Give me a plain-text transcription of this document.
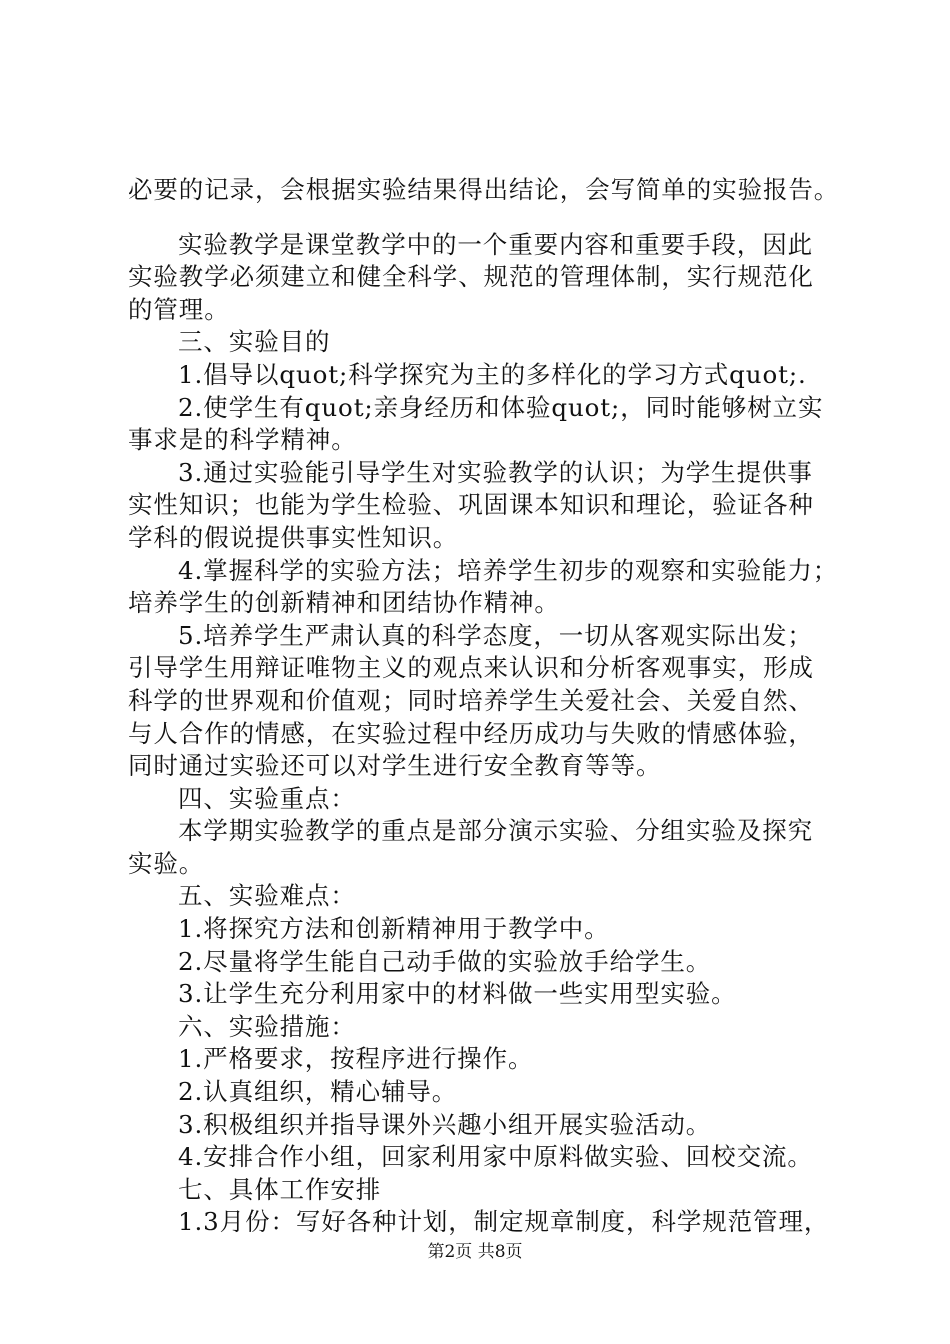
必要的记录，会根据实验结果得出结论，会写简单的实验报告。
实验教学是课堂教学中的一个重要内容和重要手段，因此
实验教学必须建立和健全科学、规范的管理体制，实行规范化
的管理。
三、实验目的
1.倡导以quot;科学探究为主的多样化的学习方式quot;.
2.使学生有quot;亲身经历和体验quot;，同时能够树立实
事求是的科学精神。
3.通过实验能引导学生对实验教学的认识；为学生提供事
实性知识；也能为学生检验、巩固课本知识和理论，验证各种
学科的假说提供事实性知识。
4.掌握科学的实验方法；培养学生初步的观察和实验能力；
培养学生的创新精神和团结协作精神。
5.培养学生严肃认真的科学态度，一切从客观实际出发；
引导学生用辩证唯物主义的观点来认识和分析客观事实，形成
科学的世界观和价值观；同时培养学生关爱社会、关爱自然、
与人合作的情感，在实验过程中经历成功与失败的情感体验，
同时通过实验还可以对学生进行安全教育等等。
四、实验重点：
本学期实验教学的重点是部分演示实验、分组实验及探究
实验。
五、实验难点：
1.将探究方法和创新精神用于教学中。
2.尽量将学生能自己动手做的实验放手给学生。
3.让学生充分利用家中的材料做一些实用型实验。
六、实验措施：
1.严格要求，按程序进行操作。
2.认真组织，精心辅导。
3.积极组织并指导课外兴趣小组开展实验活动。
4.安排合作小组，回家利用家中原料做实验、回校交流。
七、具体工作安排
1.3月份：写好各种计划，制定规章制度，科学规范管理，
第2页 共8页
